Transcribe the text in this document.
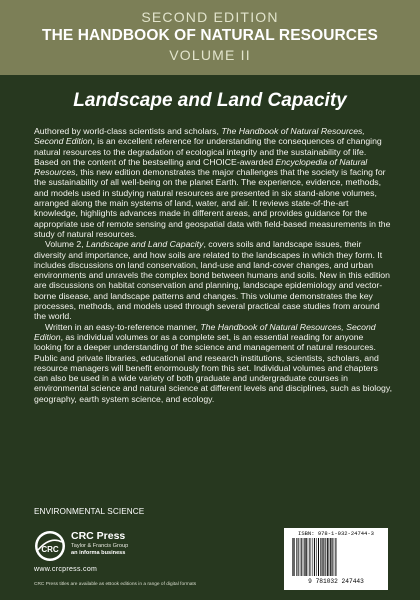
SECOND EDITION
THE HANDBOOK OF NATURAL RESOURCES
VOLUME II
Landscape and Land Capacity

Authored by world-class scientists and scholars, The Handbook of Natural Resources, Second Edition, is an excellent reference for understanding the consequences of changing natural resources to the degradation of ecological integrity and the sustainability of life. Based on the content of the bestselling and CHOICE-awarded Encyclopedia of Natural Resources, this new edition demonstrates the major challenges that the society is facing for the sustainability of all well-being on the planet Earth. The experience, evidence, methods, and models used in studying natural resources are presented in six stand-alone volumes, arranged along the main systems of land, water, and air. It reviews state-of-the-art knowledge, highlights advances made in different areas, and provides guidance for the appropriate use of remote sensing and geospatial data with field-based measurements in the study of natural resources.

Volume 2, Landscape and Land Capacity, covers soils and landscape issues, their diversity and importance, and how soils are related to the landscapes in which they form. It includes discussions on land conservation, land-use and land-cover changes, and urban environments and unravels the complex bond between humans and soils. New in this edition are discussions on habitat conservation and planning, landscape epidemiology and vector-borne disease, and landscape patterns and changes. This volume demonstrates the key processes, methods, and models used through several practical case studies from around the world.

Written in an easy-to-reference manner, The Handbook of Natural Resources, Second Edition, as individual volumes or as a complete set, is an essential reading for anyone looking for a deeper understanding of the science and management of natural resources. Public and private libraries, educational and research institutions, scientists, scholars, and resource managers will benefit enormously from this set. Individual volumes and chapters can also be used in a wide variety of both graduate and undergraduate courses in environmental science and natural science at different levels and disciplines, such as biology, geography, earth system science, and ecology.

ENVIRONMENTAL SCIENCE
CRC
CRC Press
Taylor & Francis Group
an informa business
www.crcpress.com
CRC Press titles are available as eBook editions in a range of digital formats
ISBN: 978-1-032-24744-3
9 781032 247443
